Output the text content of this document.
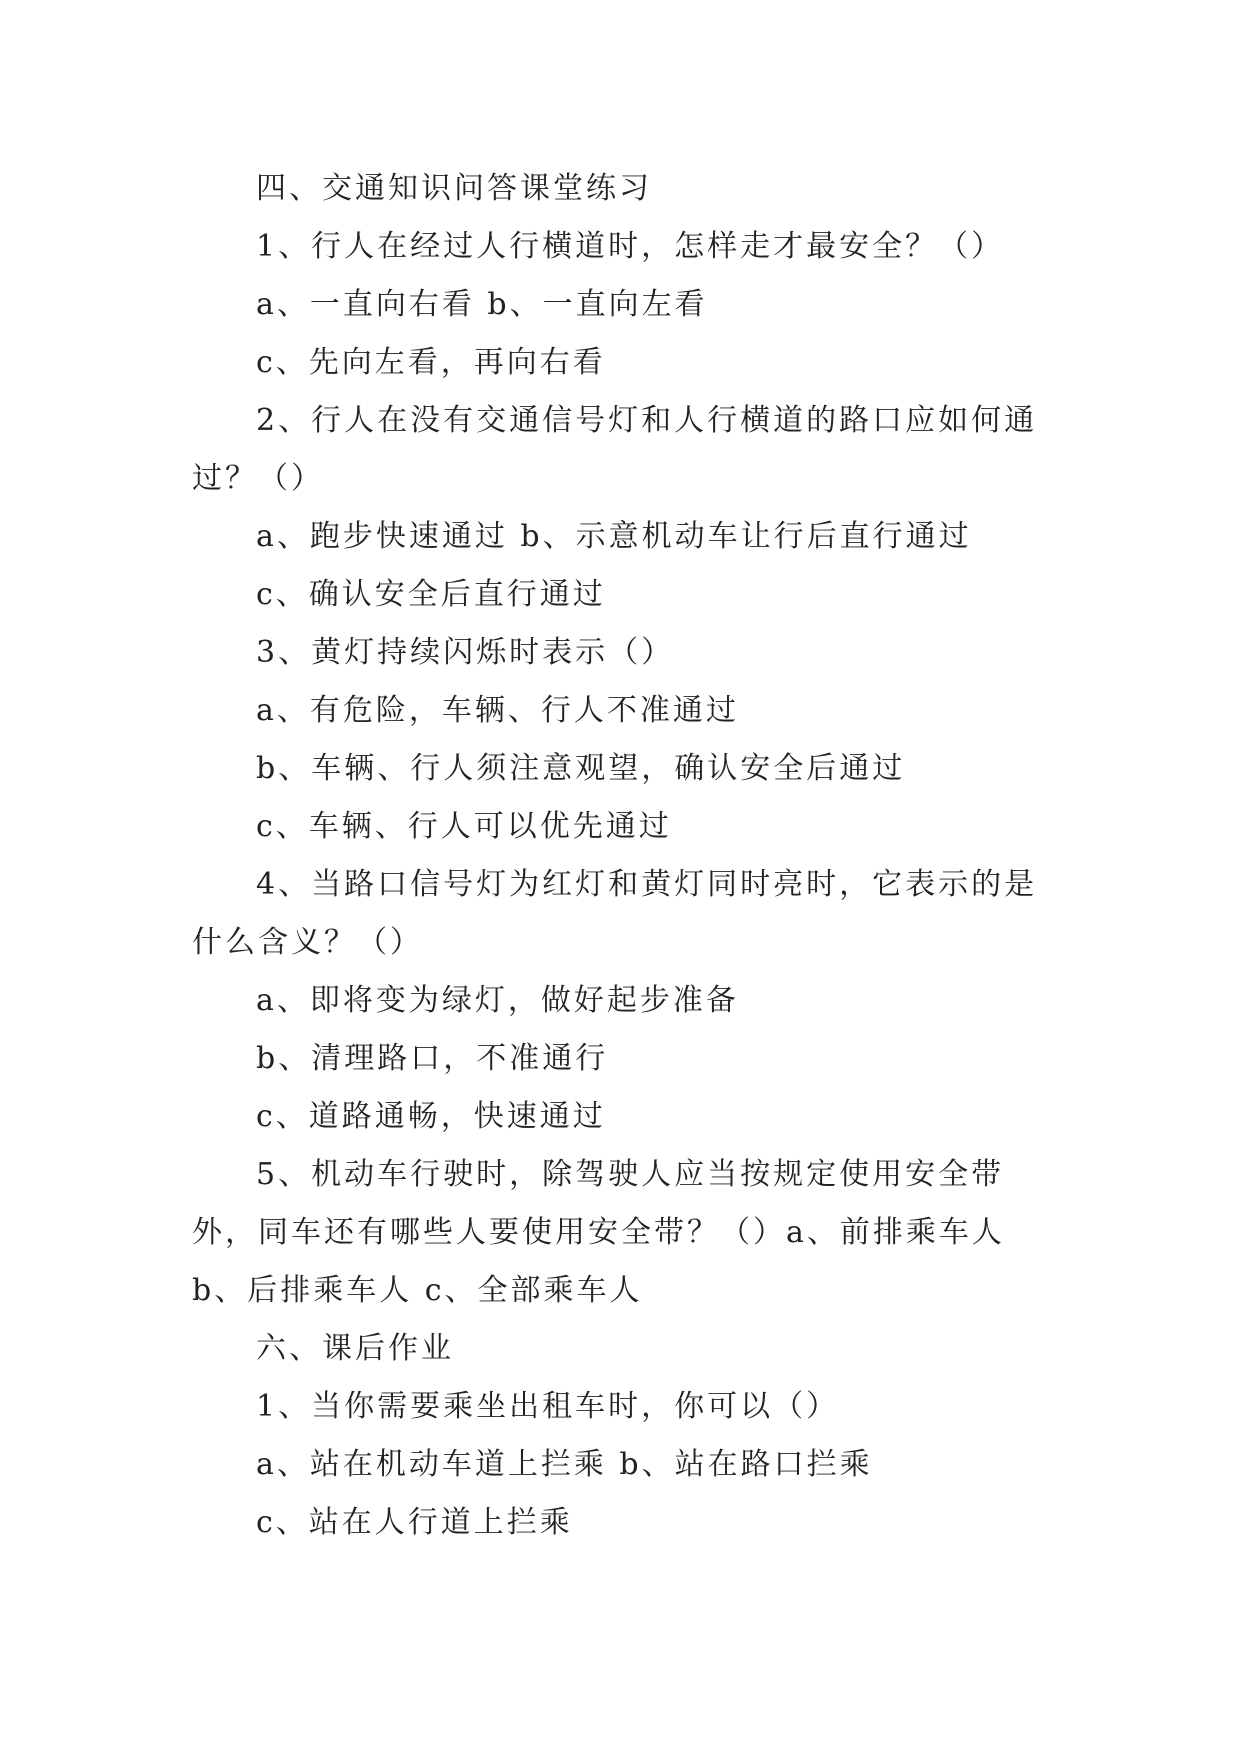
四、交通知识问答课堂练习

1、行人在经过人行横道时，怎样走才最安全？（）

a、一直向右看 b、一直向左看

c、先向左看，再向右看

2、行人在没有交通信号灯和人行横道的路口应如何通过？（）

a、跑步快速通过 b、示意机动车让行后直行通过

c、确认安全后直行通过

3、黄灯持续闪烁时表示（）

a、有危险，车辆、行人不准通过

b、车辆、行人须注意观望，确认安全后通过

c、车辆、行人可以优先通过

4、当路口信号灯为红灯和黄灯同时亮时，它表示的是什么含义？（）

a、即将变为绿灯，做好起步准备

b、清理路口，不准通行

c、道路通畅，快速通过

5、机动车行驶时，除驾驶人应当按规定使用安全带外，同车还有哪些人要使用安全带？（）a、前排乘车人 b、后排乘车人 c、全部乘车人

六、课后作业

1、当你需要乘坐出租车时，你可以（）

a、站在机动车道上拦乘 b、站在路口拦乘

c、站在人行道上拦乘
